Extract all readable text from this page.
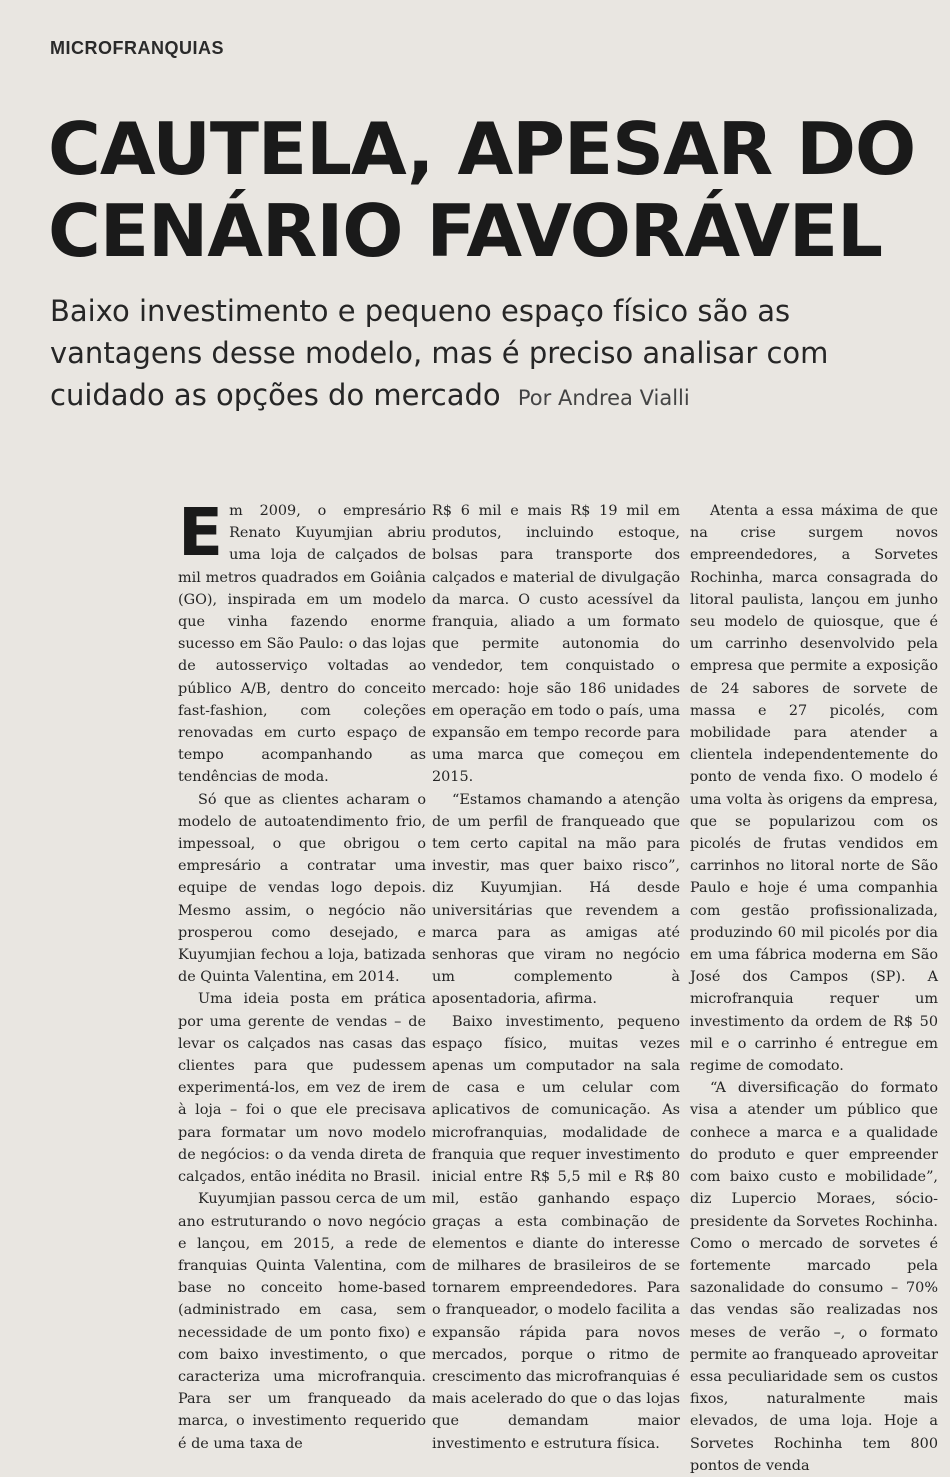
MICROFRANQUIAS
CAUTELA, APESAR DO CENÁRIO FAVORÁVEL

Baixo investimento e pequeno espaço físico são as vantagens desse modelo, mas é preciso analisar com cuidado as opções do mercado Por Andrea Vialli

Em 2009, o empresário Renato Kuyumjian abriu uma loja de calçados de mil metros quadrados em Goiânia (GO), inspirada em um modelo que vinha fazendo enorme sucesso em São Paulo: o das lojas de autosserviço voltadas ao público A/B, dentro do conceito fast-fashion, com coleções renovadas em curto espaço de tempo acompanhando as tendências de moda.

Só que as clientes acharam o modelo de autoatendimento frio, impessoal, o que obrigou o empresário a contratar uma equipe de vendas logo depois. Mesmo assim, o negócio não prosperou como desejado, e Kuyumjian fechou a loja, batizada de Quinta Valentina, em 2014.

Uma ideia posta em prática por uma gerente de vendas – de levar os calçados nas casas das clientes para que pudessem experimentá-los, em vez de irem à loja – foi o que ele precisava para formatar um novo modelo de negócios: o da venda direta de calçados, então inédita no Brasil.

Kuyumjian passou cerca de um ano estruturando o novo negócio e lançou, em 2015, a rede de franquias Quinta Valentina, com base no conceito home-based (administrado em casa, sem necessidade de um ponto fixo) e com baixo investimento, o que caracteriza uma microfranquia. Para ser um franqueado da marca, o investimento requerido é de uma taxa de

R$ 6 mil e mais R$ 19 mil em produtos, incluindo estoque, bolsas para transporte dos calçados e material de divulgação da marca. O custo acessível da franquia, aliado a um formato que permite autonomia do vendedor, tem conquistado o mercado: hoje são 186 unidades em operação em todo o país, uma expansão em tempo recorde para uma marca que começou em 2015.

“Estamos chamando a atenção de um perfil de franqueado que tem certo capital na mão para investir, mas quer baixo risco”, diz Kuyumjian. Há desde universitárias que revendem a marca para as amigas até senhoras que viram no negócio um complemento à aposentadoria, afirma.

Baixo investimento, pequeno espaço físico, muitas vezes apenas um computador na sala de casa e um celular com aplicativos de comunicação. As microfranquias, modalidade de franquia que requer investimento inicial entre R$ 5,5 mil e R$ 80 mil, estão ganhando espaço graças a esta combinação de elementos e diante do interesse de milhares de brasileiros de se tornarem empreendedores. Para o franqueador, o modelo facilita a expansão rápida para novos mercados, porque o ritmo de crescimento das microfranquias é mais acelerado do que o das lojas que demandam maior investimento e estrutura física.

Atenta a essa máxima de que na crise surgem novos empreendedores, a Sorvetes Rochinha, marca consagrada do litoral paulista, lançou em junho seu modelo de quiosque, que é um carrinho desenvolvido pela empresa que permite a exposição de 24 sabores de sorvete de massa e 27 picolés, com mobilidade para atender a clientela independentemente do ponto de venda fixo. O modelo é uma volta às origens da empresa, que se popularizou com os picolés de frutas vendidos em carrinhos no litoral norte de São Paulo e hoje é uma companhia com gestão profissionalizada, produzindo 60 mil picolés por dia em uma fábrica moderna em São José dos Campos (SP). A microfranquia requer um investimento da ordem de R$ 50 mil e o carrinho é entregue em regime de comodato.

“A diversificação do formato visa a atender um público que conhece a marca e a qualidade do produto e quer empreender com baixo custo e mobilidade”, diz Lupercio Moraes, sócio-presidente da Sorvetes Rochinha. Como o mercado de sorvetes é fortemente marcado pela sazonalidade do consumo – 70% das vendas são realizadas nos meses de verão –, o formato permite ao franqueado aproveitar essa peculiaridade sem os custos fixos, naturalmente mais elevados, de uma loja. Hoje a Sorvetes Rochinha tem 800 pontos de venda
